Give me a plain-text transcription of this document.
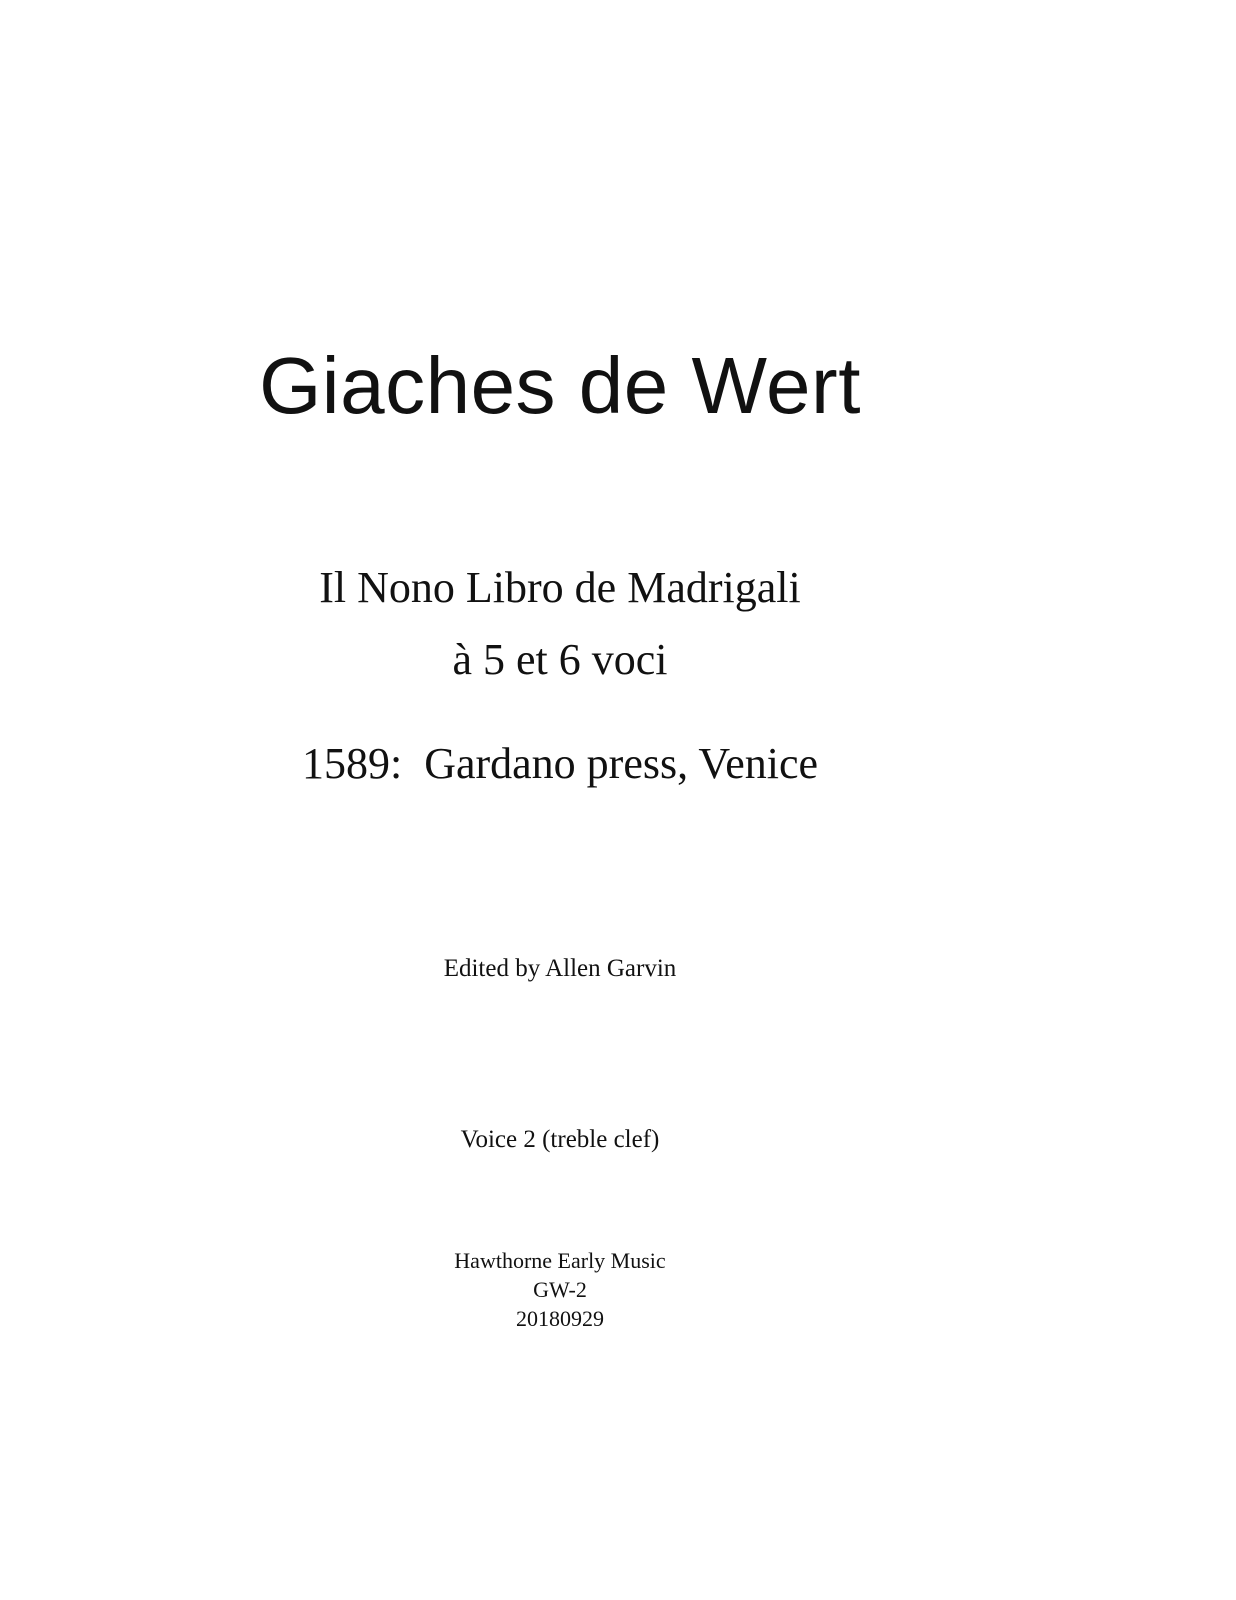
Giaches de Wert
Il Nono Libro de Madrigali
à 5 et 6 voci
1589:  Gardano press, Venice
Edited by Allen Garvin
Voice 2 (treble clef)
Hawthorne Early Music
GW-2
20180929
